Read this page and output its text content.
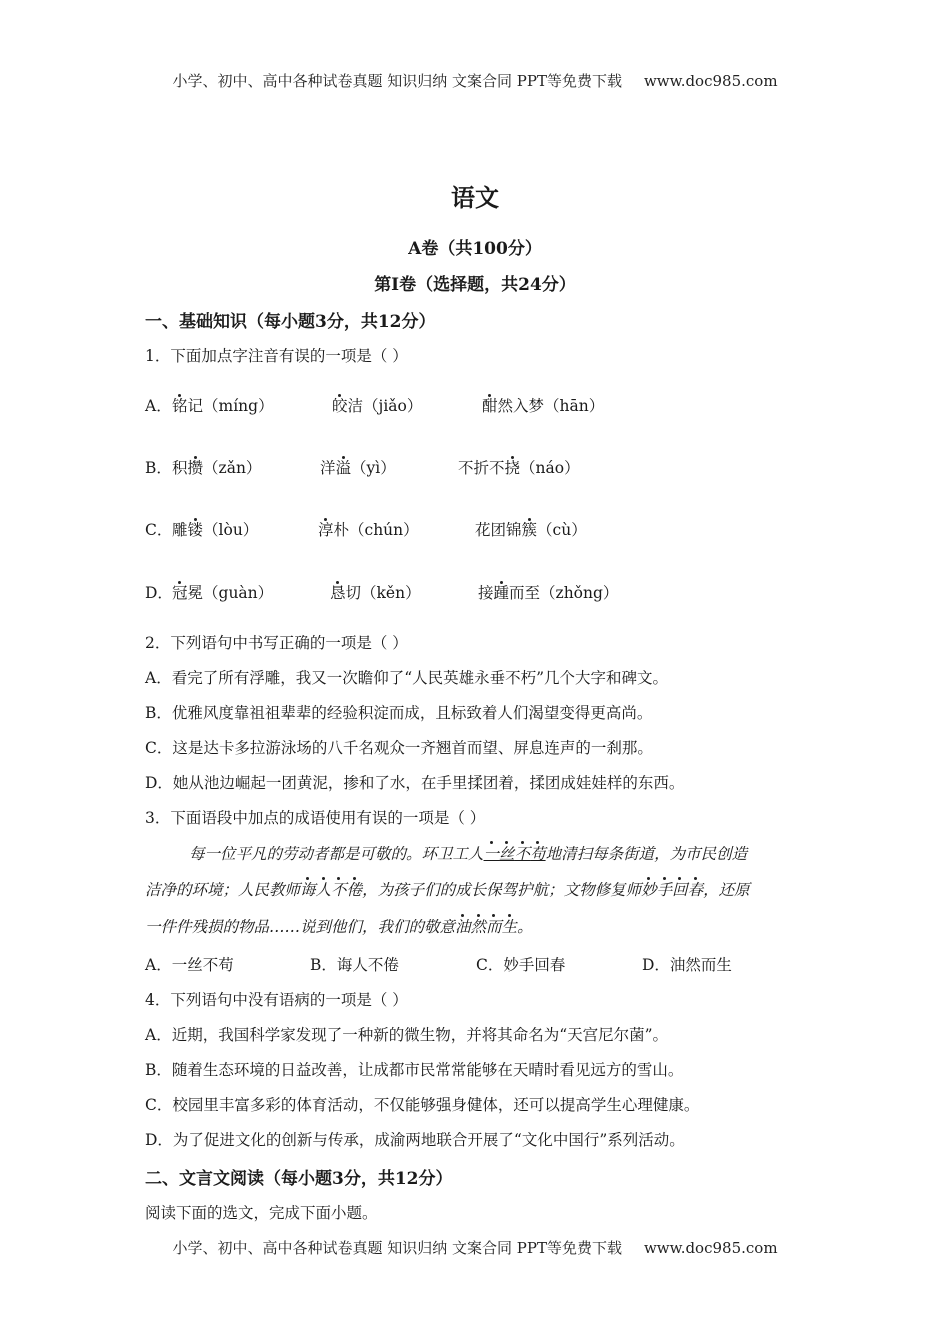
小学、初中、高中各种试卷真题 知识归纳 文案合同 PPT等免费下载 www.doc985.com
语文
A卷（共100分）
第Ⅰ卷（选择题，共24分）
一、基础知识（每小题3分，共12分）
1．下面加点字注音有误的一项是（ ）
A． 铭记（míng）	皎洁（jiǎo）	酣然入梦（hān）
B． 积攒（zǎn）	洋溢（yì）	不折不挠（náo）
C． 雕镂（lòu）	淳朴（chún）	花团锦簇（cù）
D． 冠冕（guàn）	恳切（kěn）	接踵而至（zhǒng）
2．下列语句中书写正确的一项是（ ）
A．看完了所有浮雕，我又一次瞻仰了“人民英雄永垂不朽”几个大字和碑文。
B．优雅风度靠祖祖辈辈的经验积淀而成，且标致着人们渴望变得更高尚。
C．这是达卡多拉游泳场的八千名观众一齐翘首而望、屏息连声的一刹那。
D．她从池边崛起一团黄泥，掺和了水，在手里揉团着，揉团成娃娃样的东西。
3．下面语段中加点的成语使用有误的一项是（ ）
每一位平凡的劳动者都是可敬的。环卫工人一丝不苟地清扫每条街道，为市民创造
洁净的环境；人民教师诲人不倦，为孩子们的成长保驾护航；文物修复师妙手回春，还原
一件件残损的物品……说到他们，我们的敬意油然而生。
A．一丝不苟	B．诲人不倦	C．妙手回春	D．油然而生
4．下列语句中没有语病的一项是（ ）
A．近期，我国科学家发现了一种新的微生物，并将其命名为“天宫尼尔菌”。
B．随着生态环境的日益改善，让成都市民常常能够在天晴时看见远方的雪山。
C．校园里丰富多彩的体育活动，不仅能够强身健体，还可以提高学生心理健康。
D．为了促进文化的创新与传承，成渝两地联合开展了“文化中国行”系列活动。
二、文言文阅读（每小题3分，共12分）
阅读下面的选文，完成下面小题。
小学、初中、高中各种试卷真题 知识归纳 文案合同 PPT等免费下载 www.doc985.com
